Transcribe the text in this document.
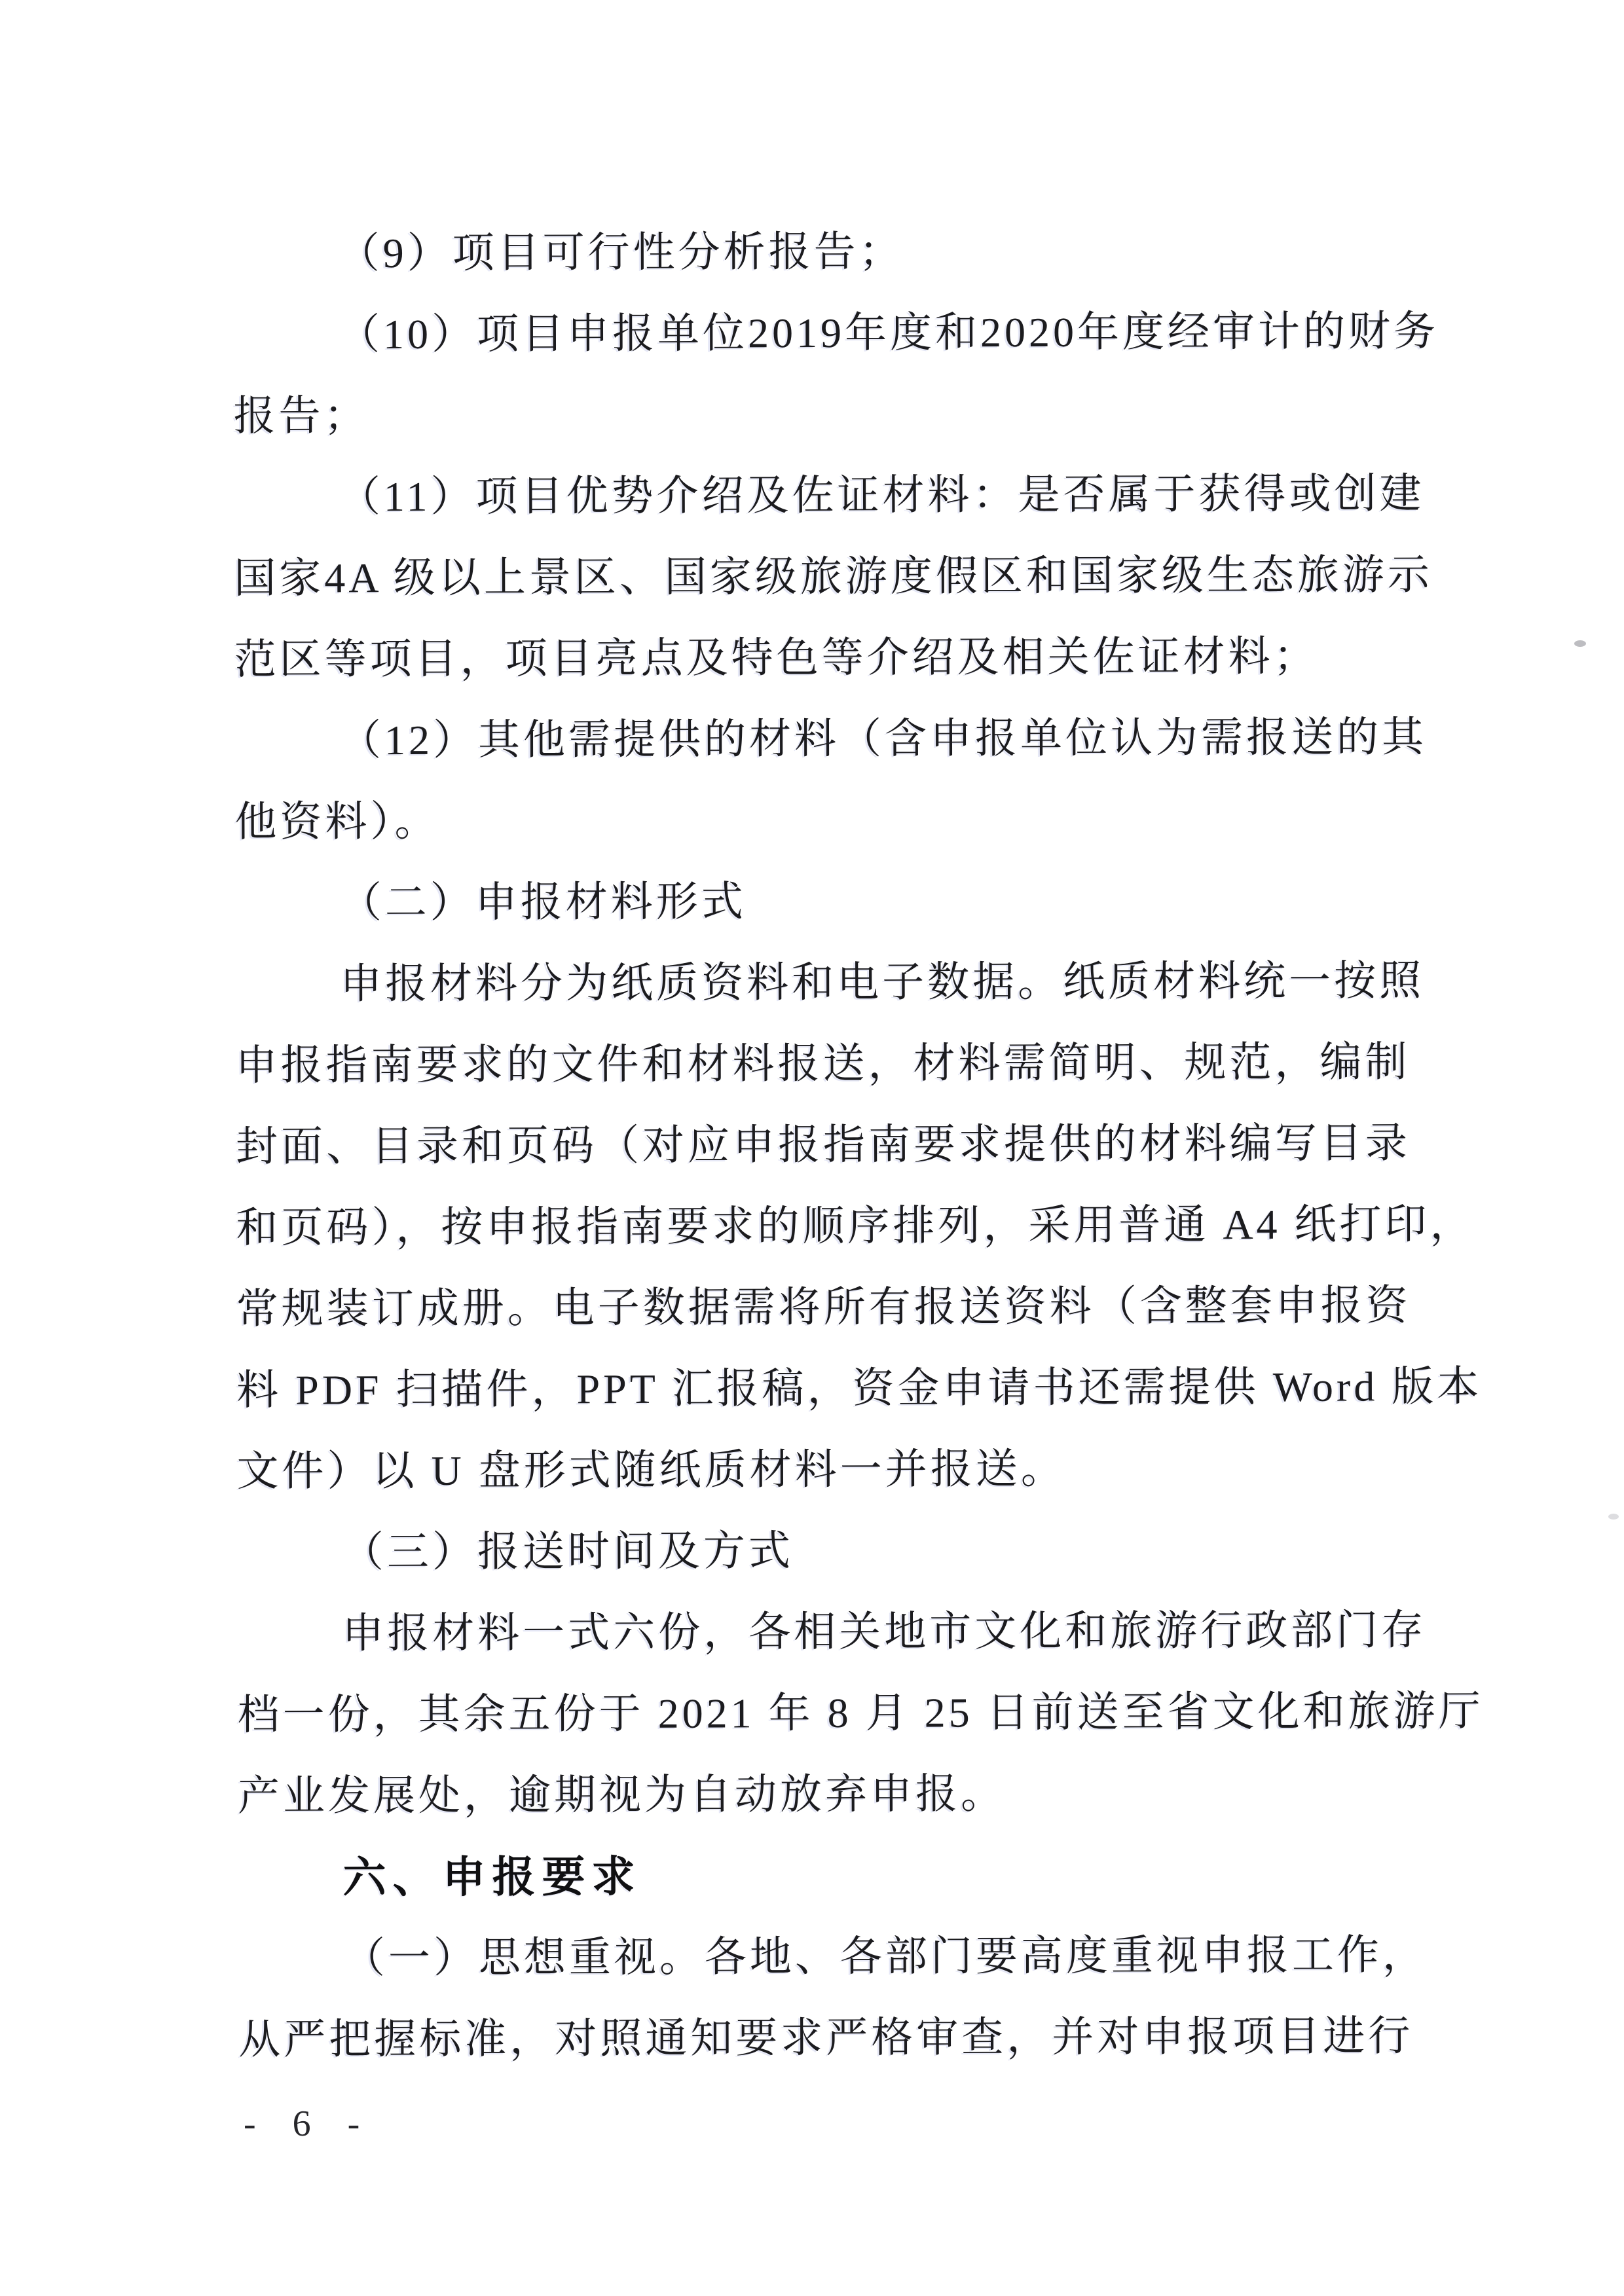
（9）项目可行性分析报告；

（10）项目申报单位2019年度和2020年度经审计的财务

报告；

（11）项目优势介绍及佐证材料：是否属于获得或创建

国家4A 级以上景区、国家级旅游度假区和国家级生态旅游示

范区等项目，项目亮点及特色等介绍及相关佐证材料；

（12）其他需提供的材料（含申报单位认为需报送的其

他资料）。

（二）申报材料形式

申报材料分为纸质资料和电子数据。纸质材料统一按照

申报指南要求的文件和材料报送，材料需简明、规范，编制

封面、目录和页码（对应申报指南要求提供的材料编写目录

和页码），按申报指南要求的顺序排列，采用普通 A4 纸打印，

常规装订成册。电子数据需将所有报送资料（含整套申报资

料 PDF 扫描件，PPT 汇报稿，资金申请书还需提供 Word 版本

文件）以 U 盘形式随纸质材料一并报送。

（三）报送时间及方式

申报材料一式六份，各相关地市文化和旅游行政部门存

档一份，其余五份于 2021 年 8 月 25 日前送至省文化和旅游厅

产业发展处，逾期视为自动放弃申报。

六、申报要求

（一）思想重视。各地、各部门要高度重视申报工作，

从严把握标准，对照通知要求严格审查，并对申报项目进行

- 6 -
